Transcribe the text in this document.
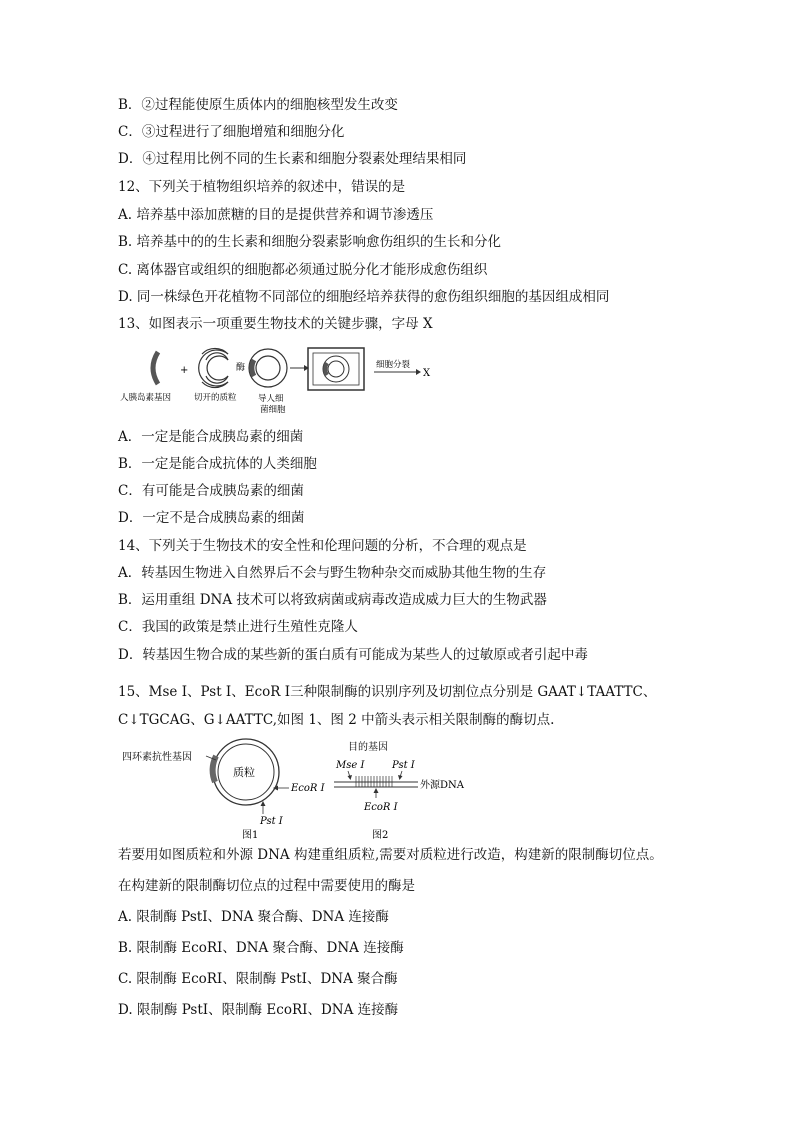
B．②过程能使原生质体内的细胞核型发生改变
C．③过程进行了细胞增殖和细胞分化
D．④过程用比例不同的生长素和细胞分裂素处理结果相同
12、下列关于植物组织培养的叙述中，错误的是
A. 培养基中添加蔗糖的目的是提供营养和调节渗透压
B. 培养基中的的生长素和细胞分裂素影响愈伤组织的生长和分化
C. 离体器官或组织的细胞都必须通过脱分化才能形成愈伤组织
D. 同一株绿色开花植物不同部位的细胞经培养获得的愈伤组织细胞的基因组成相同
13、如图表示一项重要生物技术的关键步骤，字母 X
+	酶	细胞分裂
X
人胰岛素基因	切开的质粒	导人细
菌细胞
A．一定是能合成胰岛素的细菌
B．一定是能合成抗体的人类细胞
C．有可能是合成胰岛素的细菌
D．一定不是合成胰岛素的细菌
14、下列关于生物技术的安全性和伦理问题的分析，不合理的观点是
A．转基因生物进入自然界后不会与野生物种杂交而威胁其他生物的生存
B．运用重组 DNA 技术可以将致病菌或病毒改造成威力巨大的生物武器
C．我国的政策是禁止进行生殖性克隆人
D．转基因生物合成的某些新的蛋白质有可能成为某些人的过敏原或者引起中毒
15、Mse Ⅰ、Pst Ⅰ、EcoR Ⅰ三种限制酶的识别序列及切割位点分别是 GAAT↓TAATTC、
C↓TGCAG、G↓AATTC,如图 1、图 2 中箭头表示相关限制酶的酶切点.
四环素抗性基因
质粒
EcoR Ⅰ
Pst Ⅰ
图1
目的基因
Mse Ⅰ	Pst Ⅰ
外源DNA
EcoR Ⅰ
图2
若要用如图质粒和外源 DNA 构建重组质粒,需要对质粒进行改造，构建新的限制酶切位点。
在构建新的限制酶切位点的过程中需要使用的酶是
A. 限制酶 PstⅠ、DNA 聚合酶、DNA 连接酶
B. 限制酶 EcoRⅠ、DNA 聚合酶、DNA 连接酶
C. 限制酶 EcoRⅠ、限制酶 PstⅠ、DNA 聚合酶
D. 限制酶 PstⅠ、限制酶 EcoRⅠ、DNA 连接酶
